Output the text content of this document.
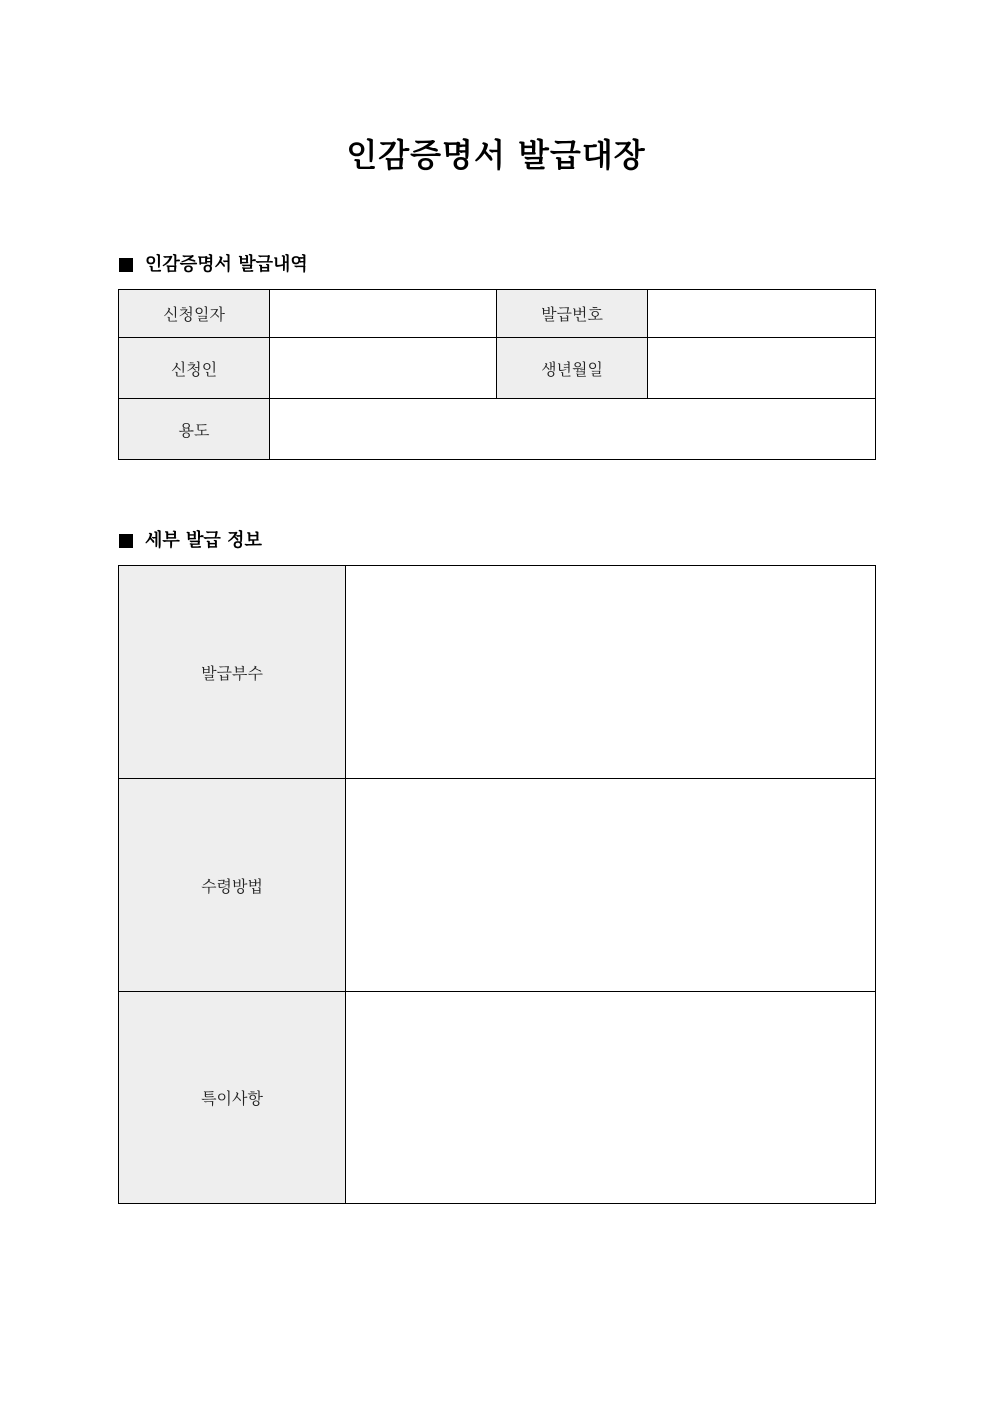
인감증명서 발급대장
인감증명서 발급내역
신청일자		발급번호	
신청인		생년월일	
용도			
세부 발급 정보
발급부수	
수령방법	
특이사항	
